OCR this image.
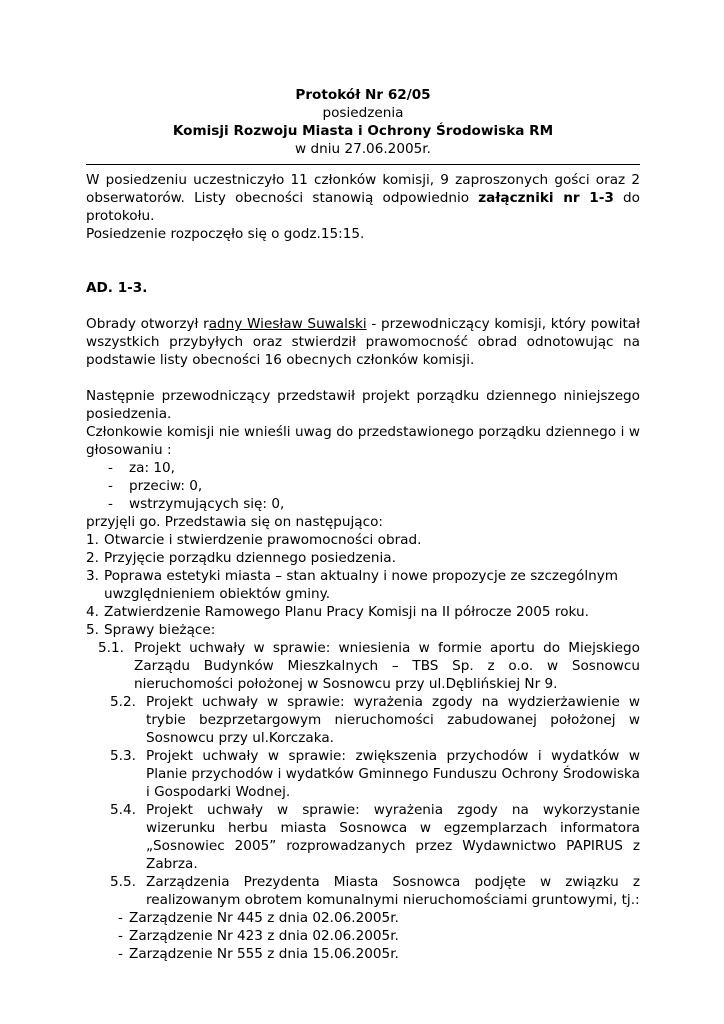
Protokół Nr 62/05
posiedzenia
Komisji Rozwoju Miasta i Ochrony Środowiska RM
w dniu 27.06.2005r.

W posiedzeniu uczestniczyło 11 członków komisji, 9 zaproszonych gości oraz 2 obserwatorów. Listy obecności stanowią odpowiednio załączniki nr 1-3 do protokołu.

Posiedzenie rozpoczęło się o godz.15:15.

AD. 1-3.

Obrady otworzył radny Wiesław Suwalski - przewodniczący komisji, który powitał wszystkich przybyłych oraz stwierdził prawomocność obrad odnotowując na podstawie listy obecności 16 obecnych członków komisji.

Następnie przewodniczący przedstawił projekt porządku dziennego niniejszego posiedzenia.

Członkowie komisji nie wnieśli uwag do przedstawionego porządku dziennego i w głosowaniu :

- za: 10,
- przeciw: 0,
- wstrzymujących się: 0,

przyjęli go. Przedstawia się on następująco:

1. Otwarcie i stwierdzenie prawomocności obrad.
2. Przyjęcie porządku dziennego posiedzenia.
3. Poprawa estetyki miasta – stan aktualny i nowe propozycje ze szczególnym uwzględnieniem obiektów gminy.
4. Zatwierdzenie Ramowego Planu Pracy Komisji na II półrocze 2005 roku.
5. Sprawy bieżące:
5.1. Projekt uchwały w sprawie: wniesienia w formie aportu do Miejskiego Zarządu Budynków Mieszkalnych – TBS Sp. z o.o. w Sosnowcu nieruchomości położonej w Sosnowcu przy ul.Dęblińskiej Nr 9.
5.2. Projekt uchwały w sprawie: wyrażenia zgody na wydzierżawienie w trybie bezprzetargowym nieruchomości zabudowanej położonej w Sosnowcu przy ul.Korczaka.
5.3. Projekt uchwały w sprawie: zwiększenia przychodów i wydatków w Planie przychodów i wydatków Gminnego Funduszu Ochrony Środowiska i Gospodarki Wodnej.
5.4. Projekt uchwały w sprawie: wyrażenia zgody na wykorzystanie wizerunku herbu miasta Sosnowca w egzemplarzach informatora „Sosnowiec 2005” rozprowadzanych przez Wydawnictwo PAPIRUS z Zabrza.
5.5. Zarządzenia Prezydenta Miasta Sosnowca podjęte w związku z realizowanym obrotem komunalnymi nieruchomościami gruntowymi, tj.:
- Zarządzenie Nr 445 z dnia 02.06.2005r.
- Zarządzenie Nr 423 z dnia 02.06.2005r.
- Zarządzenie Nr 555 z dnia 15.06.2005r.
